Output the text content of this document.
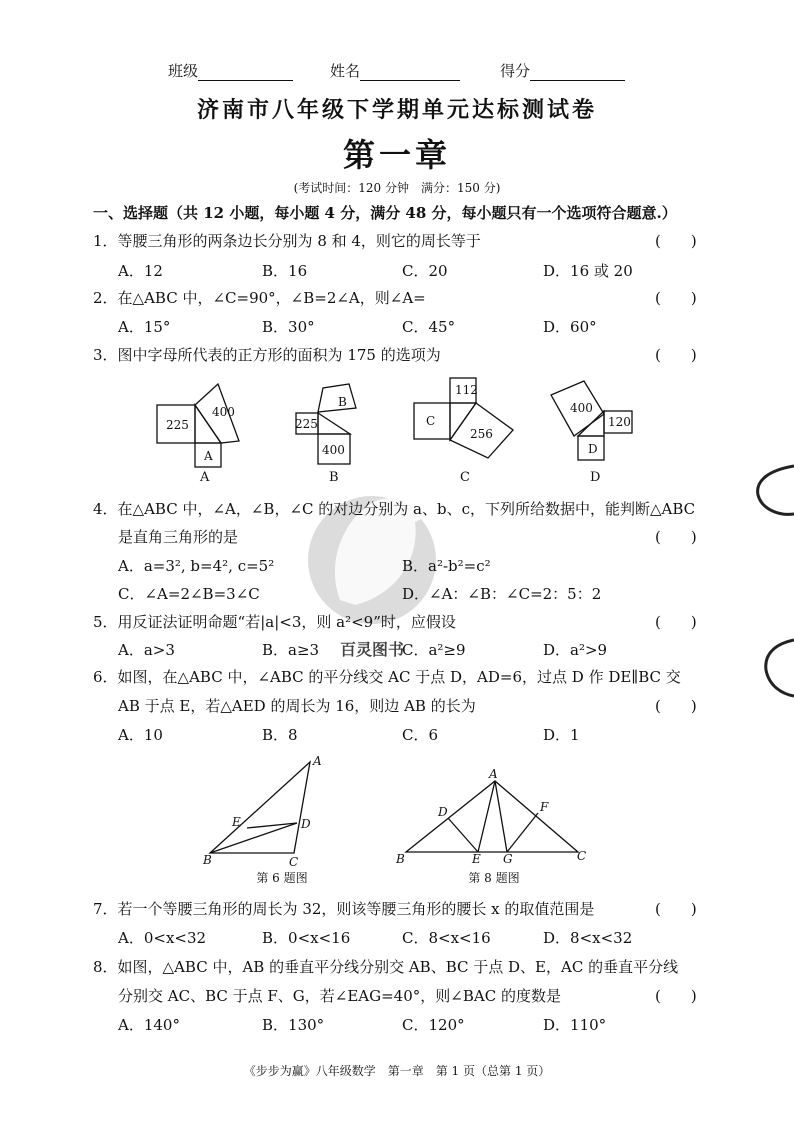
班级	姓名	得分
济南市八年级下学期单元达标测试卷
第一章
(考试时间：120 分钟　满分：150 分)
一、选择题（共 12 小题，每小题 4 分，满分 48 分，每小题只有一个选项符合题意.）
1．等腰三角形的两条边长分别为 8 和 4，则它的周长等于	(　　)
A．12	B．16	C．20	D．16 或 20
2．在△ABC 中，∠C=90°，∠B=2∠A，则∠A=	(　　)
A．15°	B．30°	C．45°	D．60°
3．图中字母所代表的正方形的面积为 175 的选项为	(　　)
百灵图书
225
400
A
225
B
400
112
C
256
400
120
D
A	B	C	D
A
E	D
B	C
第 6 题图
A
D	F
B	E G	C
第 8 题图
4．在△ABC 中，∠A，∠B，∠C 的对边分别为 a、b、c，下列所给数据中，能判断△ABC
是直角三角形的是	(　　)
A．a=3², b=4², c=5²	B．a²-b²=c²
C．∠A=2∠B=3∠C	D．∠A：∠B：∠C=2：5：2
5．用反证法证明命题“若|a|<3，则 a²<9”时，应假设	(　　)
A．a>3	B．a≥3	C．a²≥9	D．a²>9
6．如图，在△ABC 中，∠ABC 的平分线交 AC 于点 D，AD=6，过点 D 作 DE∥BC 交
AB 于点 E，若△AED 的周长为 16，则边 AB 的长为	(　　)
A．10	B．8	C．6	D．1
7．若一个等腰三角形的周长为 32，则该等腰三角形的腰长 x 的取值范围是	(　　)
A．0<x<32	B．0<x<16	C．8<x<16	D．8<x<32
8．如图，△ABC 中，AB 的垂直平分线分别交 AB、BC 于点 D、E，AC 的垂直平分线
分别交 AC、BC 于点 F、G，若∠EAG=40°，则∠BAC 的度数是	(　　)
A．140°	B．130°	C．120°	D．110°
《步步为赢》八年级数学　第一章　第 1 页（总第 1 页）
